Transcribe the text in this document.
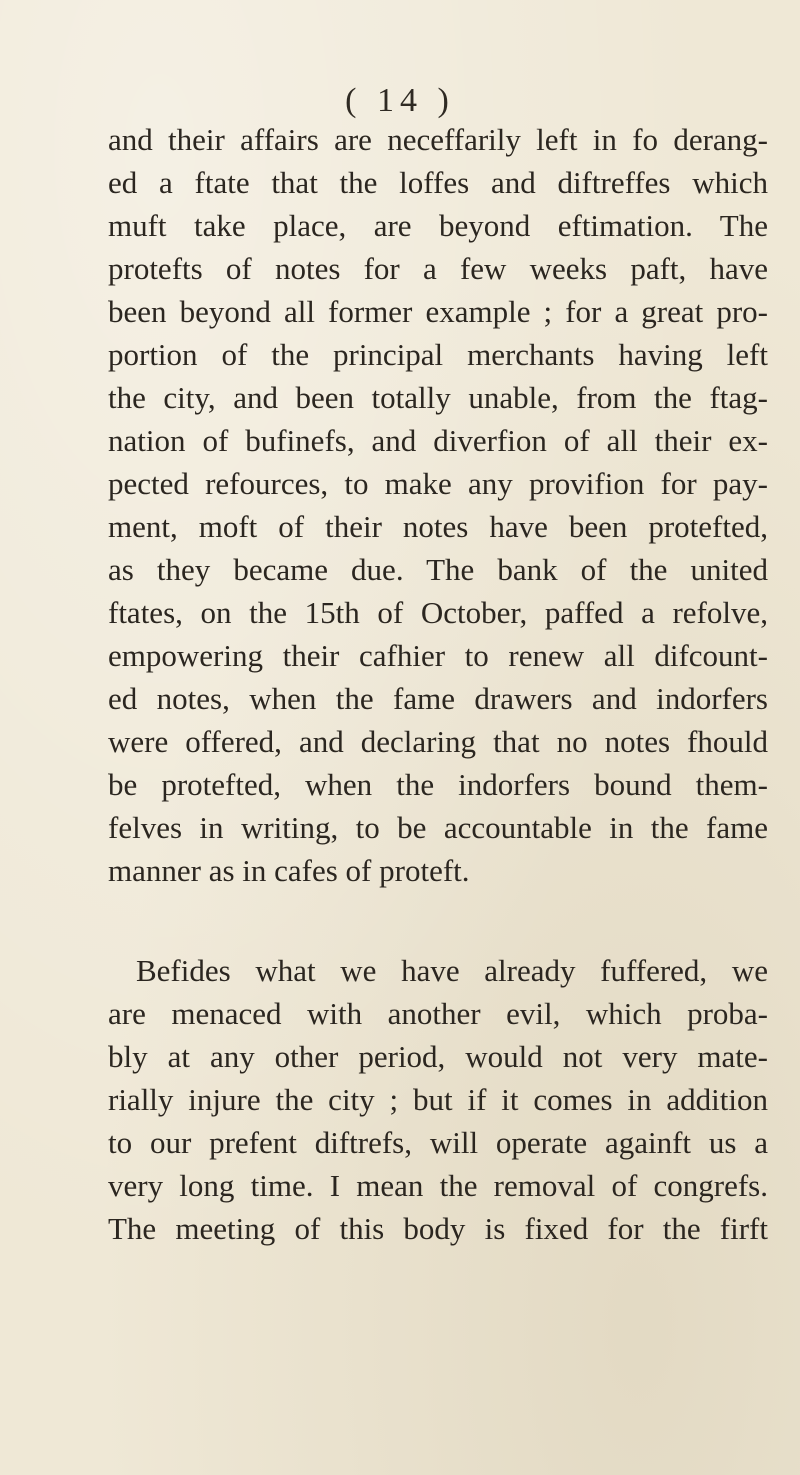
( 14 )
and their affairs are neceffarily left in fo derang-
ed a ftate that the loffes and diftreffes which
muft take place, are beyond eftimation. The
protefts of notes for a few weeks paft, have
been beyond all former example ; for a great pro-
portion of the principal merchants having left
the city, and been totally unable, from the ftag-
nation of bufinefs, and diverfion of all their ex-
pected refources, to make any provifion for pay-
ment, moft of their notes have been protefted,
as they became due. The bank of the united
ftates, on the 15th of October, paffed a refolve,
empowering their cafhier to renew all difcount-
ed notes, when the fame drawers and indorfers
were offered, and declaring that no notes fhould
be protefted, when the indorfers bound them-
felves in writing, to be accountable in the fame
manner as in cafes of proteft.
Befides what we have already fuffered, we
are menaced with another evil, which proba-
bly at any other period, would not very mate-
rially injure the city ; but if it comes in addition
to our prefent diftrefs, will operate againft us a
very long time. I mean the removal of congrefs.
The meeting of this body is fixed for the firft
